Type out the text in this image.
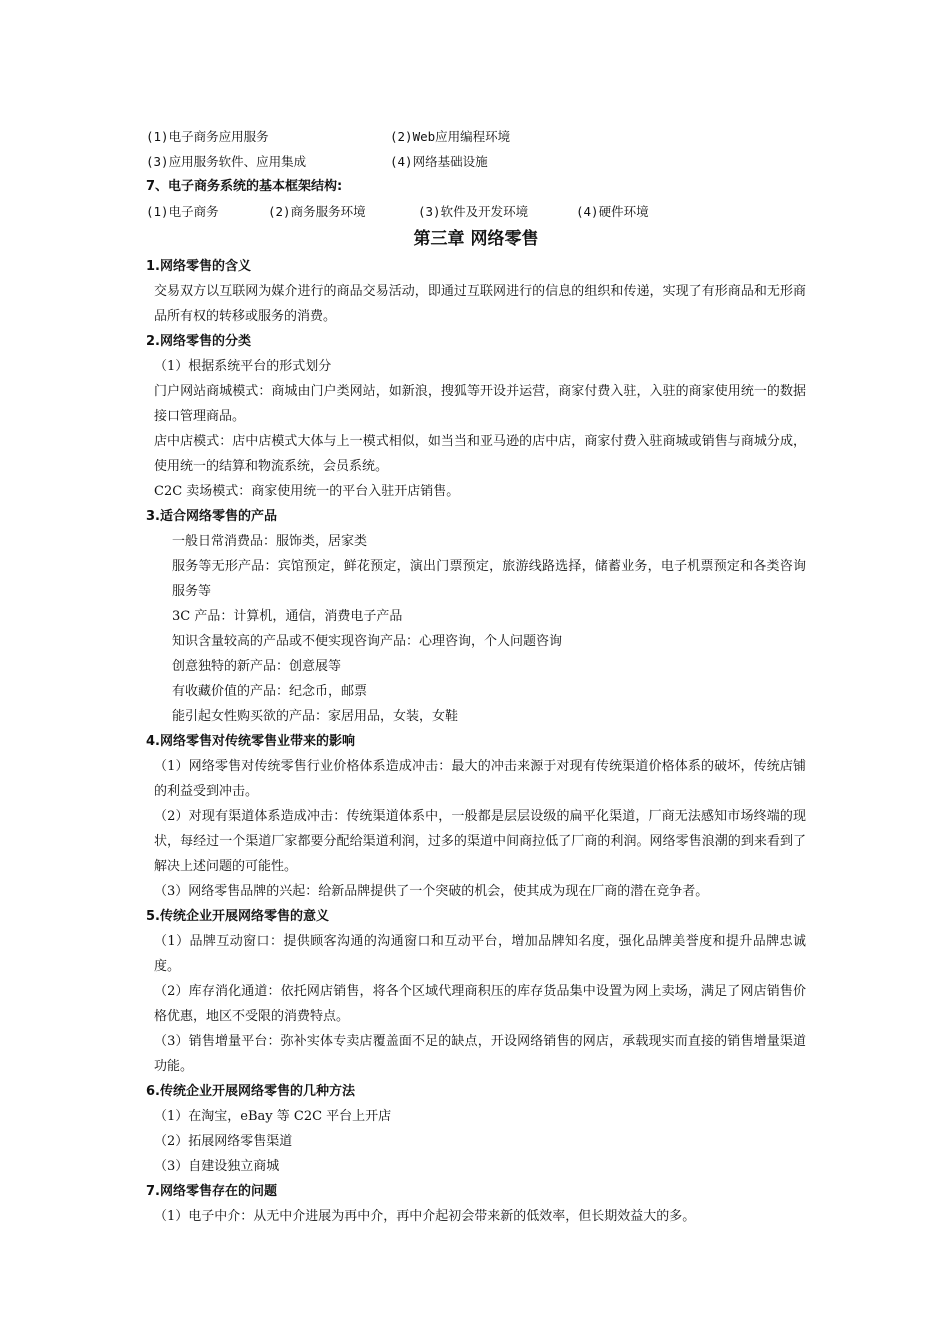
(1)电子商务应用服务	(2)Web应用编程环境
(3)应用服务软件、应用集成	(4)网络基础设施
7、电子商务系统的基本框架结构:
(1)电子商务	(2)商务服务环境	(3)软件及开发环境	(4)硬件环境
第三章 网络零售
1.网络零售的含义
交易双方以互联网为媒介进行的商品交易活动，即通过互联网进行的信息的组织和传递，实现了有形商品和无形商品所有权的转移或服务的消费。
2.网络零售的分类
（1）根据系统平台的形式划分
门户网站商城模式：商城由门户类网站，如新浪，搜狐等开设并运营，商家付费入驻，入驻的商家使用统一的数据接口管理商品。
店中店模式：店中店模式大体与上一模式相似，如当当和亚马逊的店中店，商家付费入驻商城或销售与商城分成，使用统一的结算和物流系统，会员系统。
C2C 卖场模式：商家使用统一的平台入驻开店销售。
3.适合网络零售的产品
一般日常消费品：服饰类，居家类
服务等无形产品：宾馆预定，鲜花预定，演出门票预定，旅游线路选择，储蓄业务，电子机票预定和各类咨询服务等
3C 产品：计算机，通信，消费电子产品
知识含量较高的产品或不便实现咨询产品：心理咨询，个人问题咨询
创意独特的新产品：创意展等
有收藏价值的产品：纪念币，邮票
能引起女性购买欲的产品：家居用品，女装，女鞋
4.网络零售对传统零售业带来的影响
（1）网络零售对传统零售行业价格体系造成冲击：最大的冲击来源于对现有传统渠道价格体系的破坏，传统店铺的利益受到冲击。
（2）对现有渠道体系造成冲击：传统渠道体系中，一般都是层层设级的扁平化渠道，厂商无法感知市场终端的现状，每经过一个渠道厂家都要分配给渠道利润，过多的渠道中间商拉低了厂商的利润。网络零售浪潮的到来看到了解决上述问题的可能性。
（3）网络零售品牌的兴起：给新品牌提供了一个突破的机会，使其成为现在厂商的潜在竞争者。
5.传统企业开展网络零售的意义
（1）品牌互动窗口：提供顾客沟通的沟通窗口和互动平台，增加品牌知名度，强化品牌美誉度和提升品牌忠诚度。
（2）库存消化通道：依托网店销售，将各个区域代理商积压的库存货品集中设置为网上卖场，满足了网店销售价格优惠，地区不受限的消费特点。
（3）销售增量平台：弥补实体专卖店覆盖面不足的缺点，开设网络销售的网店，承载现实而直接的销售增量渠道功能。
6.传统企业开展网络零售的几种方法
（1）在淘宝，eBay 等 C2C 平台上开店
（2）拓展网络零售渠道
（3）自建设独立商城
7.网络零售存在的问题
（1）电子中介：从无中介进展为再中介，再中介起初会带来新的低效率，但长期效益大的多。
